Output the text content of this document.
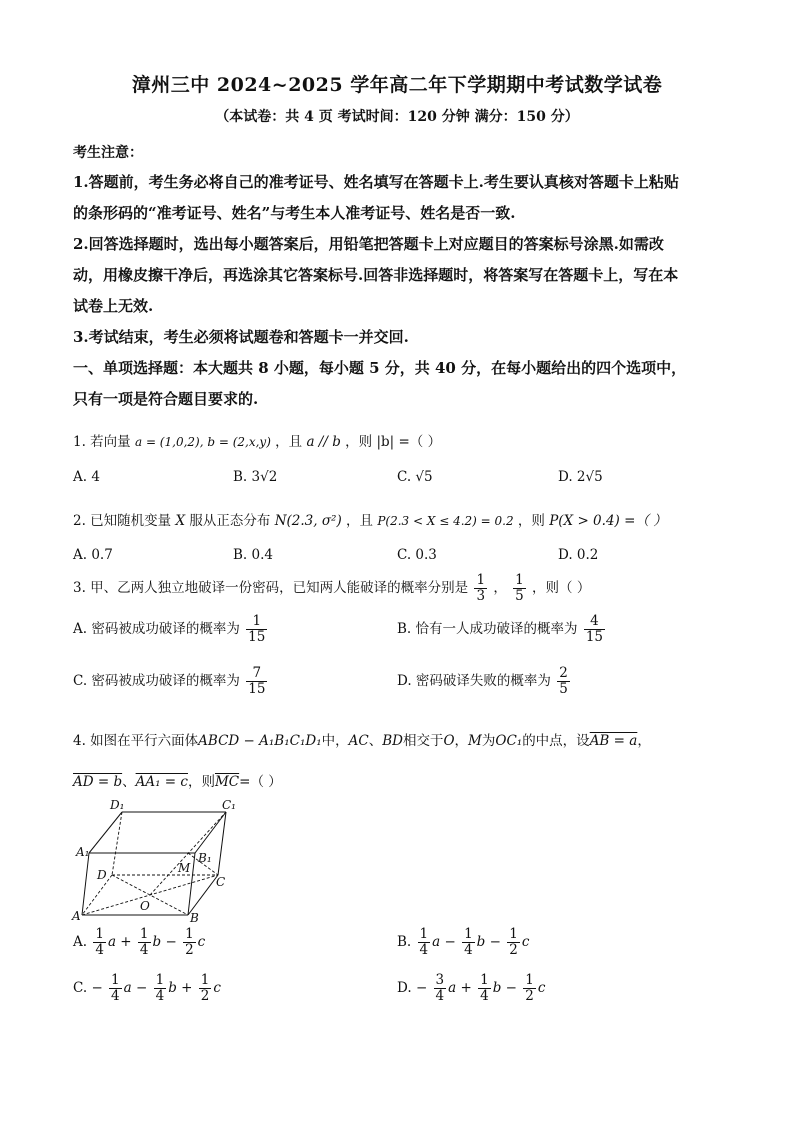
漳州三中 2024~2025 学年高二年下学期期中考试数学试卷
（本试卷：共 4 页 考试时间：120 分钟 满分：150 分）
考生注意：
1.答题前，考生务必将自己的准考证号、姓名填写在答题卡上.考生要认真核对答题卡上粘贴
的条形码的“准考证号、姓名”与考生本人准考证号、姓名是否一致.
2.回答选择题时，选出每小题答案后，用铅笔把答题卡上对应题目的答案标号涂黑.如需改
动，用橡皮擦干净后，再选涂其它答案标号.回答非选择题时，将答案写在答题卡上，写在本
试卷上无效.
3.考试结束，考生必须将试题卷和答题卡一并交回.
一、单项选择题：本大题共 8 小题，每小题 5 分，共 40 分，在每小题给出的四个选项中，
只有一项是符合题目要求的.
1. 若向量 a = (1,0,2), b = (2,x,y) ，且 a // b ，则 |b| =（ ）
A. 4	B. 3√2	C. √5	D. 2√5
2. 已知随机变量 X 服从正态分布 N(2.3, σ²) ，且 P(2.3 < X ≤ 4.2) = 0.2 ，则 P(X > 0.4) =（ ）
A. 0.7	B. 0.4	C. 0.3	D. 0.2
3. 甲、乙两人独立地破译一份密码，已知两人能破译的概率分别是 $\frac{1}{3}$ ， $\frac{1}{5}$ ，则（ ）
A. 密码被成功破译的概率为 $\frac{1}{15}$	B. 恰有一人成功破译的概率为 $\frac{4}{15}$
C. 密码被成功破译的概率为 $\frac{7}{15}$	D. 密码破译失败的概率为 $\frac{2}{5}$
4. 如图在平行六面体ABCD − A₁B₁C₁D₁中，AC、BD相交于O，M为OC₁的中点，设AB = a，
AD = b、AA₁ = c，则$\overline{MC}=$（ ）
D₁	C₁
A₁	B₁
D	M
C
O
A	B
A. $\frac{1}{4}$ $a + \frac{1}{4}$ $b - \frac{1}{2}$ c	B. $\frac{1}{4}$ $a - \frac{1}{4}$ $b - \frac{1}{2}$ c
C. − $\frac{1}{4}$ $a - \frac{1}{4}$ $b + \frac{1}{2}$ c	D. − $\frac{3}{4}$ $a + \frac{1}{4}$ $b - \frac{1}{2}$ c
